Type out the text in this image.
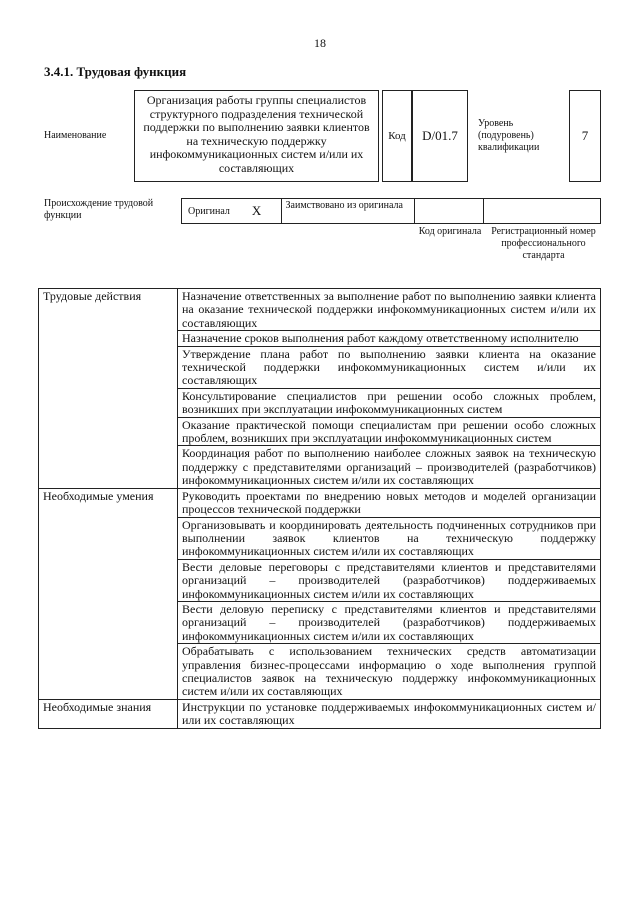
18
3.4.1. Трудовая функция
Наименование
Организация работы группы специалистов структурного подразделения технической поддержки по выполнению заявки клиентов на техническую поддержку инфокоммуникационных систем и/или их составляющих
Код	D/01.7
Уровень (подуровень) квалификации
7
Происхождение трудовой функции	Оригинал X	Заимствовано из оригинала
Код оригинала Регистрационный номер профессионального стандарта
Трудовые действия	Назначение ответственных за выполнение работ по выполнению заявки клиента на оказание технической поддержки инфокоммуникационных систем и/или их составляющих
	Назначение сроков выполнения работ каждому ответственному исполнителю
	Утверждение плана работ по выполнению заявки клиента на оказание технической поддержки инфокоммуникационных систем и/или их составляющих
	Консультирование специалистов при решении особо сложных проблем, возникших при эксплуатации инфокоммуникационных систем
	Оказание практической помощи специалистам при решении особо сложных проблем, возникших при эксплуатации инфокоммуникационных систем
	Координация работ по выполнению наиболее сложных заявок на техническую поддержку с представителями организаций – производителей (разработчиков) инфокоммуникационных систем и/или их составляющих
Необходимые умения	Руководить проектами по внедрению новых методов и моделей организации процессов технической поддержки
	Организовывать и координировать деятельность подчиненных сотрудников при выполнении заявок клиентов на техническую поддержку инфокоммуникационных систем и/или их составляющих
	Вести деловые переговоры с представителями клиентов и представителями организаций – производителей (разработчиков) поддерживаемых инфокоммуникационных систем и/или их составляющих
	Вести деловую переписку с представителями клиентов и представителями организаций – производителей (разработчиков) поддерживаемых инфокоммуникационных систем и/или их составляющих
	Обрабатывать с использованием технических средств автоматизации управления бизнес-процессами информацию о ходе выполнения группой специалистов заявок на техническую поддержку инфокоммуникационных систем и/или их составляющих
Необходимые знания	Инструкции по установке поддерживаемых инфокоммуникационных систем и/или их составляющих
